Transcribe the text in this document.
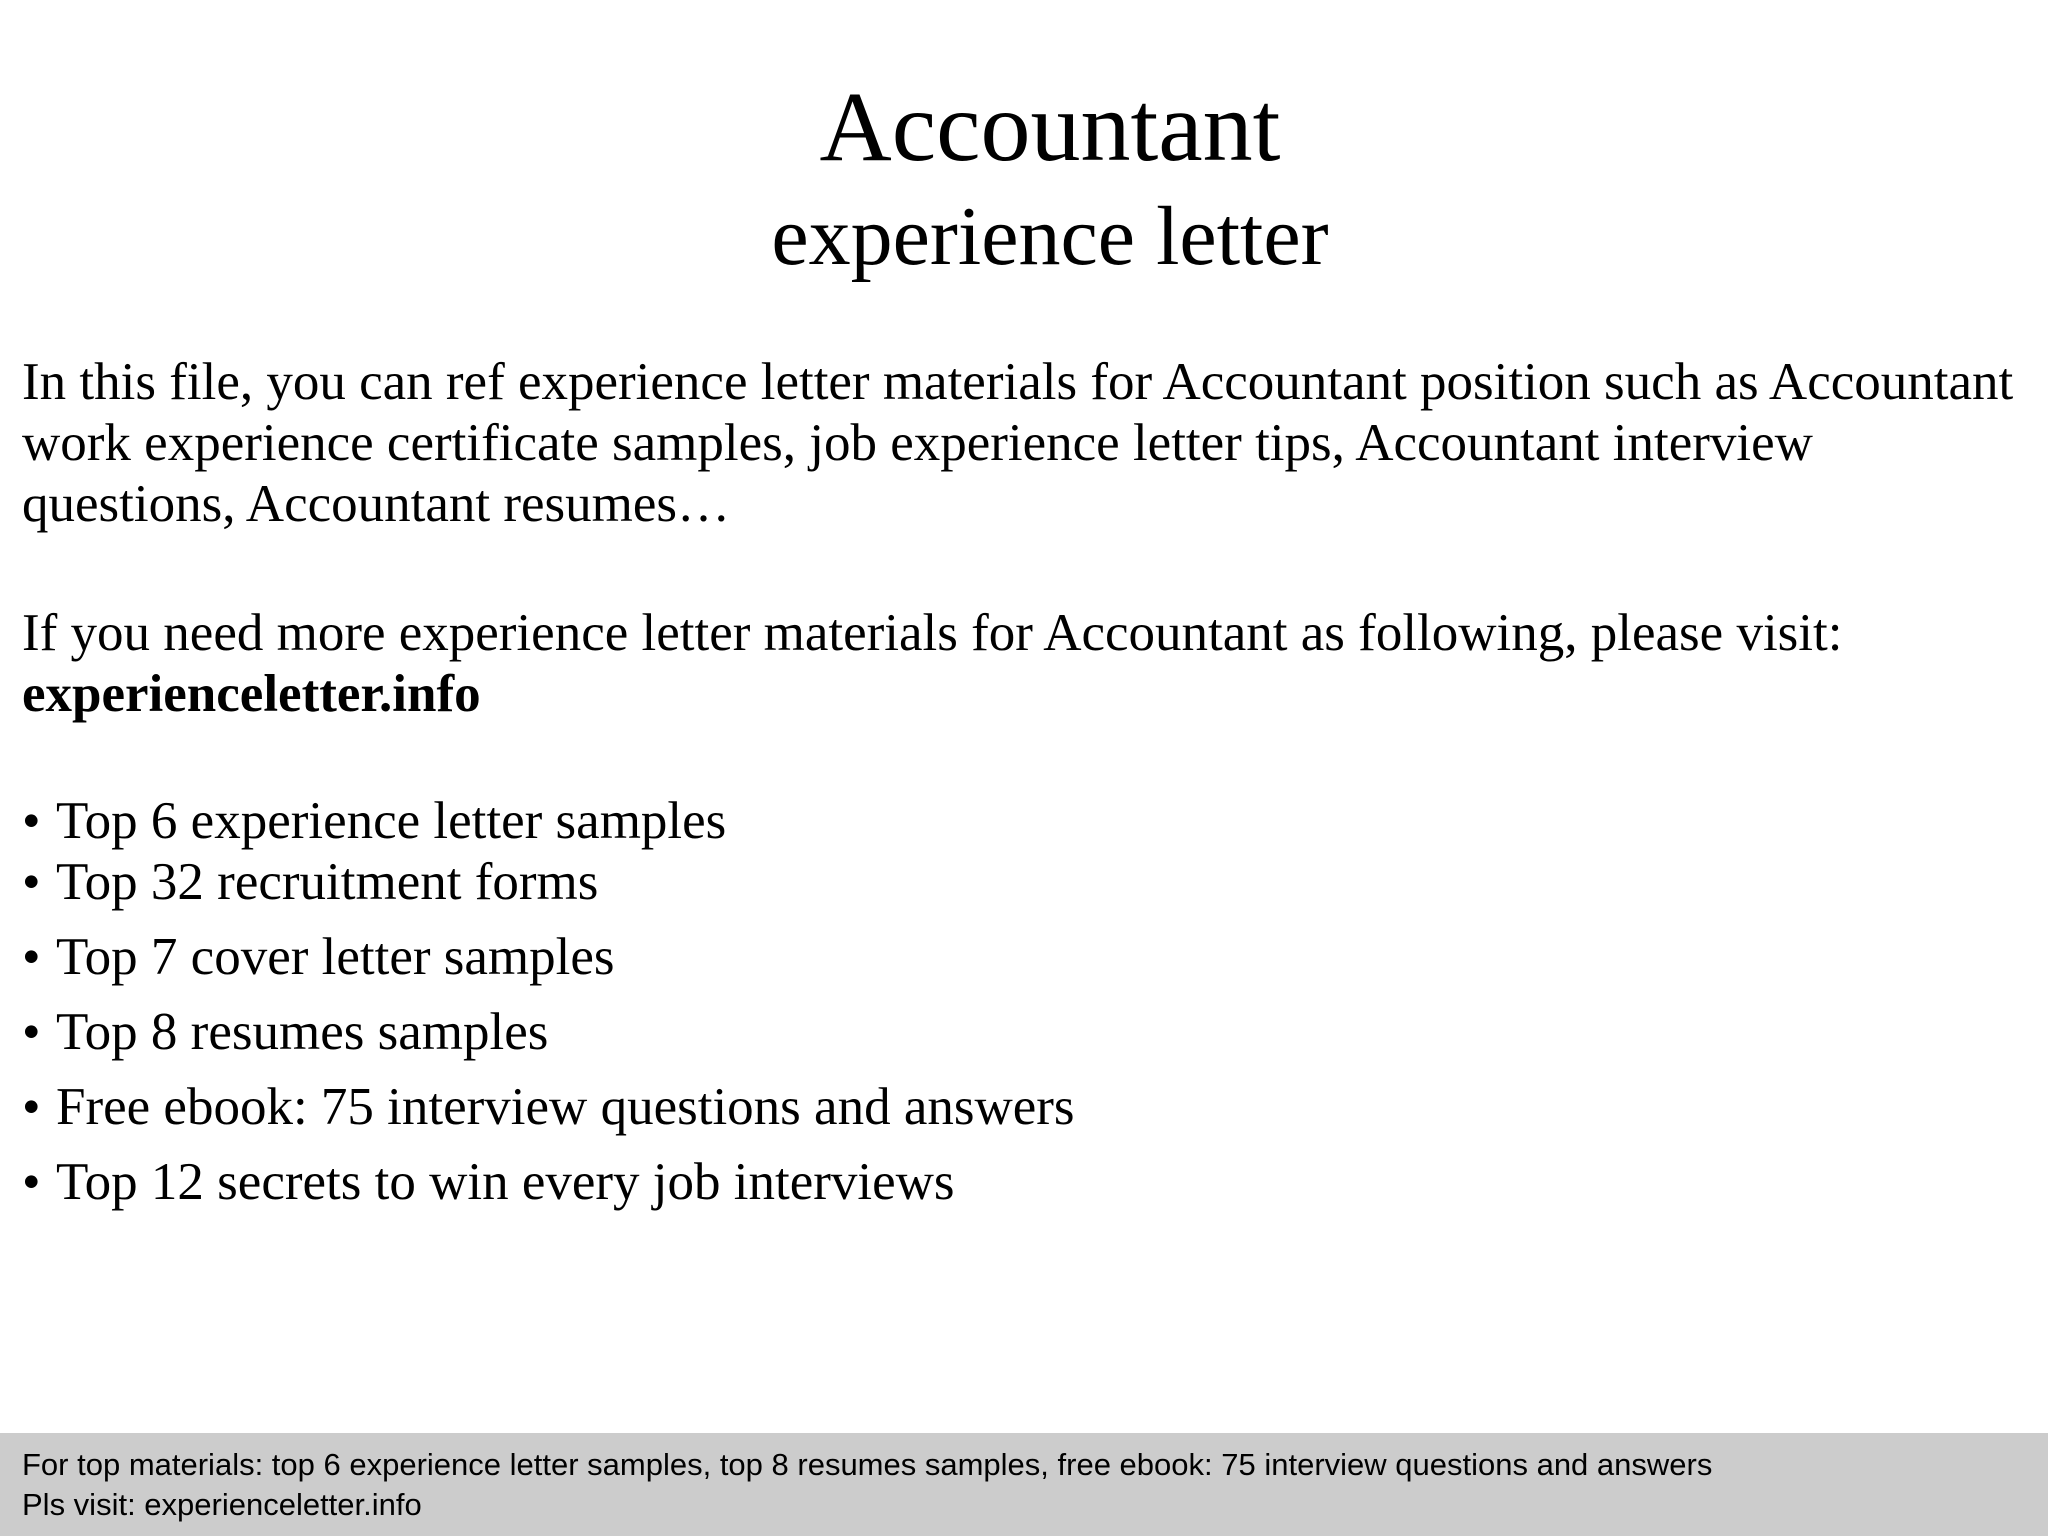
Accountant

experience letter

In this file, you can ref experience letter materials for Accountant position such as Accountant work experience certificate samples, job experience letter tips, Accountant interview questions, Accountant resumes…

If you need more experience letter materials for Accountant as following, please visit:
experienceletter.info

• Top 6 experience letter samples
• Top 32 recruitment forms
• Top 7 cover letter samples
• Top 8 resumes samples
• Free ebook: 75 interview questions and answers
• Top 12 secrets to win every job interviews
For top materials: top 6 experience letter samples, top 8 resumes samples, free ebook: 75 interview questions and answers
Pls visit: experienceletter.info
